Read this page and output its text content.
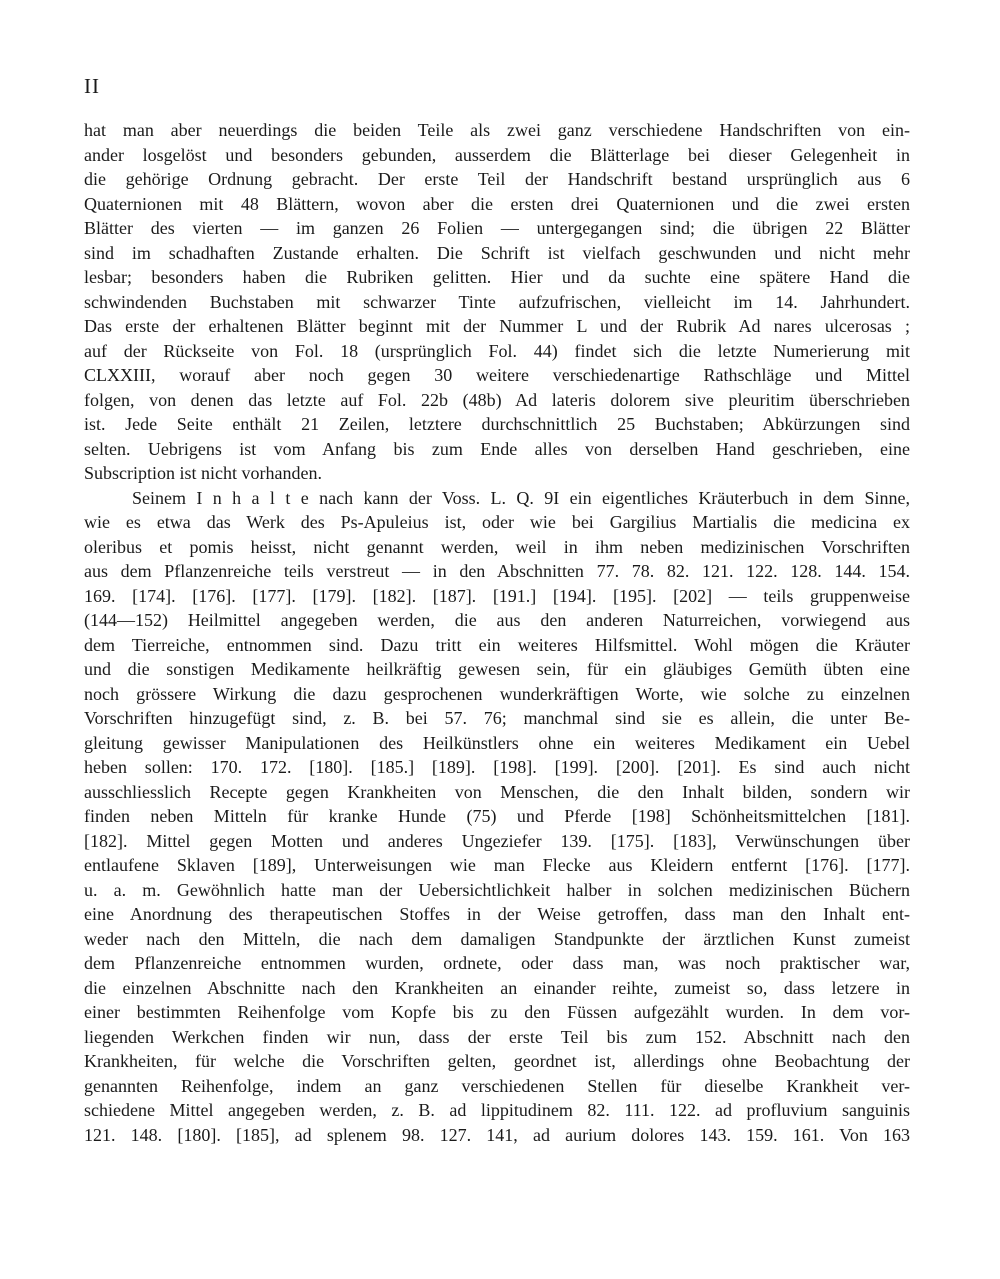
II
hat man aber neuerdings die beiden Teile als zwei ganz verschiedene Handschriften von ein-
ander losgelöst und besonders gebunden, ausserdem die Blätterlage bei dieser Gelegenheit in
die gehörige Ordnung gebracht. Der erste Teil der Handschrift bestand ursprünglich aus 6
Quaternionen mit 48 Blättern, wovon aber die ersten drei Quaternionen und die zwei ersten
Blätter des vierten — im ganzen 26 Folien — untergegangen sind; die übrigen 22 Blätter
sind im schadhaften Zustande erhalten. Die Schrift ist vielfach geschwunden und nicht mehr
lesbar; besonders haben die Rubriken gelitten. Hier und da suchte eine spätere Hand die
schwindenden Buchstaben mit schwarzer Tinte aufzufrischen, vielleicht im 14. Jahrhundert.
Das erste der erhaltenen Blätter beginnt mit der Nummer L und der Rubrik Ad nares ulcerosas ;
auf der Rückseite von Fol. 18 (ursprünglich Fol. 44) findet sich die letzte Numerierung mit
CLXXIII, worauf aber noch gegen 30 weitere verschiedenartige Rathschläge und Mittel
folgen, von denen das letzte auf Fol. 22b (48b) Ad lateris dolorem sive pleuritim überschrieben
ist. Jede Seite enthält 21 Zeilen, letztere durchschnittlich 25 Buchstaben; Abkürzungen sind
selten. Uebrigens ist vom Anfang bis zum Ende alles von derselben Hand geschrieben, eine
Subscription ist nicht vorhanden.
Seinem I n h a l t e nach kann der Voss. L. Q. 9I ein eigentliches Kräuterbuch in dem Sinne,
wie es etwa das Werk des Ps-Apuleius ist, oder wie bei Gargilius Martialis die medicina ex
oleribus et pomis heisst, nicht genannt werden, weil in ihm neben medizinischen Vorschriften
aus dem Pflanzenreiche teils verstreut — in den Abschnitten 77. 78. 82. 121. 122. 128. 144. 154.
169. [174]. [176]. [177]. [179]. [182]. [187]. [191.] [194]. [195]. [202] — teils gruppenweise
(144—152) Heilmittel angegeben werden, die aus den anderen Naturreichen, vorwiegend aus
dem Tierreiche, entnommen sind. Dazu tritt ein weiteres Hilfsmittel. Wohl mögen die Kräuter
und die sonstigen Medikamente heilkräftig gewesen sein, für ein gläubiges Gemüth übten eine
noch grössere Wirkung die dazu gesprochenen wunderkräftigen Worte, wie solche zu einzelnen
Vorschriften hinzugefügt sind, z. B. bei 57. 76; manchmal sind sie es allein, die unter Be-
gleitung gewisser Manipulationen des Heilkünstlers ohne ein weiteres Medikament ein Uebel
heben sollen: 170. 172. [180]. [185.] [189]. [198]. [199]. [200]. [201]. Es sind auch nicht
ausschliesslich Recepte gegen Krankheiten von Menschen, die den Inhalt bilden, sondern wir
finden neben Mitteln für kranke Hunde (75) und Pferde [198] Schönheitsmittelchen [181].
[182]. Mittel gegen Motten und anderes Ungeziefer 139. [175]. [183], Verwünschungen über
entlaufene Sklaven [189], Unterweisungen wie man Flecke aus Kleidern entfernt [176]. [177].
u. a. m. Gewöhnlich hatte man der Uebersichtlichkeit halber in solchen medizinischen Büchern
eine Anordnung des therapeutischen Stoffes in der Weise getroffen, dass man den Inhalt ent-
weder nach den Mitteln, die nach dem damaligen Standpunkte der ärztlichen Kunst zumeist
dem Pflanzenreiche entnommen wurden, ordnete, oder dass man, was noch praktischer war,
die einzelnen Abschnitte nach den Krankheiten an einander reihte, zumeist so, dass letzere in
einer bestimmten Reihenfolge vom Kopfe bis zu den Füssen aufgezählt wurden. In dem vor-
liegenden Werkchen finden wir nun, dass der erste Teil bis zum 152. Abschnitt nach den
Krankheiten, für welche die Vorschriften gelten, geordnet ist, allerdings ohne Beobachtung der
genannten Reihenfolge, indem an ganz verschiedenen Stellen für dieselbe Krankheit ver-
schiedene Mittel angegeben werden, z. B. ad lippitudinem 82. 111. 122. ad profluvium sanguinis
121. 148. [180]. [185], ad splenem 98. 127. 141, ad aurium dolores 143. 159. 161. Von 163
